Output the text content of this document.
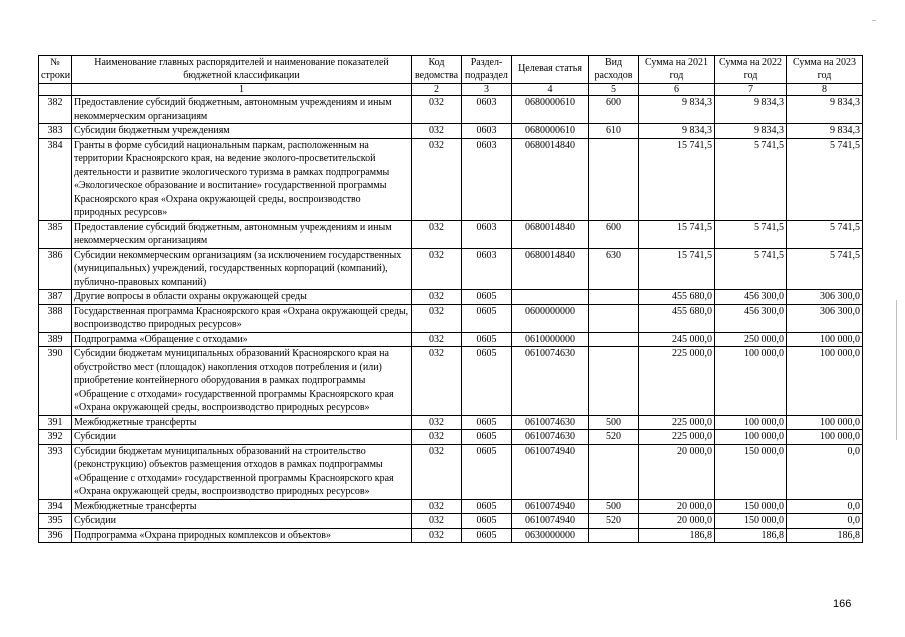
№ строки	Наименование главных распорядителей и наименование показателей бюджетной классификации	Код ведомства	Раздел-подраздел	Целевая статья	Вид расходов	Сумма на 2021 год	Сумма на 2022 год	Сумма на 2023 год
	1	2	3	4	5	6	7	8
382	Предоставление субсидий бюджетным, автономным учреждениям и иным некоммерческим организациям	032	0603	0680000610	600	9 834,3	9 834,3	9 834,3
383	Субсидии бюджетным учреждениям	032	0603	0680000610	610	9 834,3	9 834,3	9 834,3
384	Гранты в форме субсидий национальным паркам, расположенным на территории Красноярского края, на ведение эколого-просветительской деятельности и развитие экологического туризма в рамках подпрограммы «Экологическое образование и воспитание» государственной программы Красноярского края «Охрана окружающей среды, воспроизводство природных ресурсов»	032	0603	0680014840		15 741,5	5 741,5	5 741,5
385	Предоставление субсидий бюджетным, автономным учреждениям и иным некоммерческим организациям	032	0603	0680014840	600	15 741,5	5 741,5	5 741,5
386	Субсидии некоммерческим организациям (за исключением государственных (муниципальных) учреждений, государственных корпораций (компаний), публично-правовых компаний)	032	0603	0680014840	630	15 741,5	5 741,5	5 741,5
387	Другие вопросы в области охраны окружающей среды	032	0605			455 680,0	456 300,0	306 300,0
388	Государственная программа Красноярского края «Охрана окружающей среды, воспроизводство природных ресурсов»	032	0605	0600000000		455 680,0	456 300,0	306 300,0
389	Подпрограмма «Обращение с отходами»	032	0605	0610000000		245 000,0	250 000,0	100 000,0
390	Субсидии бюджетам муниципальных образований Красноярского края на обустройство мест (площадок) накопления отходов потребления и (или) приобретение контейнерного оборудования в рамках подпрограммы «Обращение с отходами» государственной программы Красноярского края «Охрана окружающей среды, воспроизводство природных ресурсов»	032	0605	0610074630		225 000,0	100 000,0	100 000,0
391	Межбюджетные трансферты	032	0605	0610074630	500	225 000,0	100 000,0	100 000,0
392	Субсидии	032	0605	0610074630	520	225 000,0	100 000,0	100 000,0
393	Субсидии бюджетам муниципальных образований на строительство (реконструкцию) объектов размещения отходов в рамках подпрограммы «Обращение с отходами» государственной программы Красноярского края «Охрана окружающей среды, воспроизводство природных ресурсов»	032	0605	0610074940		20 000,0	150 000,0	0,0
394	Межбюджетные трансферты	032	0605	0610074940	500	20 000,0	150 000,0	0,0
395	Субсидии	032	0605	0610074940	520	20 000,0	150 000,0	0,0
396	Подпрограмма «Охрана природных комплексов и объектов»	032	0605	0630000000		186,8	186,8	186,8
166
